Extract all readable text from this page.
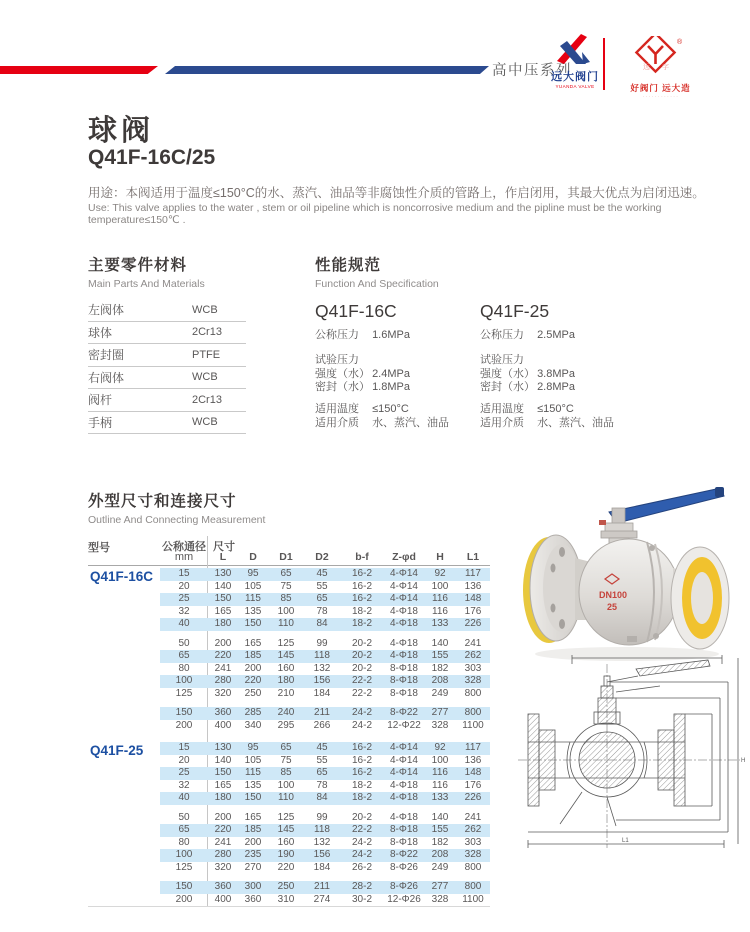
高中压系列
远大阀门
YUANDA VALVE
远 字
®
好阀门 远大造
· · · · · · · · · · · ·
球阀
Q41F-16C/25
用途：本阀适用于温度≤150°C的水、蒸汽、油品等非腐蚀性介质的管路上，作启闭用，其最大优点为启闭迅速。
Use: This valve applies to the water , stem or oil pipeline which is noncorrosive medium and the pipline must be the working temperature≤150℃ .
主要零件材料
Main Parts And Materials
左阀体	WCB
球体	2Cr13
密封圈	PTFE
右阀体	WCB
阀杆	2Cr13
手柄	WCB
性能规范
Function And Specification
Q41F-16C
公称压力 1.6MPa
试验压力
强度（水） 2.4MPa
密封（水） 1.8MPa
适用温度 ≤150°C
适用介质 水、蒸汽、油品
Q41F-25
公称压力 2.5MPa
试验压力
强度（水） 3.8MPa
密封（水） 2.8MPa
适用温度 ≤150°C
适用介质 水、蒸汽、油品
外型尺寸和连接尺寸
Outline And Connecting Measurement
型号	公称通径
mm
尺寸
L	D	D1	D2	b-f	Z-φd	H	L1
Q41F-16C	15	130	95	65	45	16-2	4-Φ14	92	117
20	140	105	75	55	16-2	4-Φ14	100	136
25	150	115	85	65	16-2	4-Φ14	116	148
32	165	135	100	78	18-2	4-Φ18	116	176
40	180	150	110	84	18-2	4-Φ18	133	226
50	200	165	125	99	20-2	4-Φ18	140	241
65	220	185	145	118	20-2	4-Φ18	155	262
80	241	200	160	132	20-2	8-Φ18	182	303
100	280	220	180	156	22-2	8-Φ18	208	328
125	320	250	210	184	22-2	8-Φ18	249	800
150	360	285	240	211	24-2	8-Φ22	277	800
200	400	340	295	266	24-2	12-Φ22	328	1100
Q41F-25	15	130	95	65	45	16-2	4-Φ14	92	117
20	140	105	75	55	16-2	4-Φ14	100	136
25	150	115	85	65	16-2	4-Φ14	116	148
32	165	135	100	78	18-2	4-Φ18	116	176
40	180	150	110	84	18-2	4-Φ18	133	226
50	200	165	125	99	20-2	4-Φ18	140	241
65	220	185	145	118	22-2	8-Φ18	155	262
80	241	200	160	132	24-2	8-Φ18	182	303
100	280	235	190	156	24-2	8-Φ22	208	328
125	320	270	220	184	26-2	8-Φ26	249	800
150	360	300	250	211	28-2	8-Φ26	277	800
200	400	360	310	274	30-2	12-Φ26	328	1100
DN100
25
H
L1
